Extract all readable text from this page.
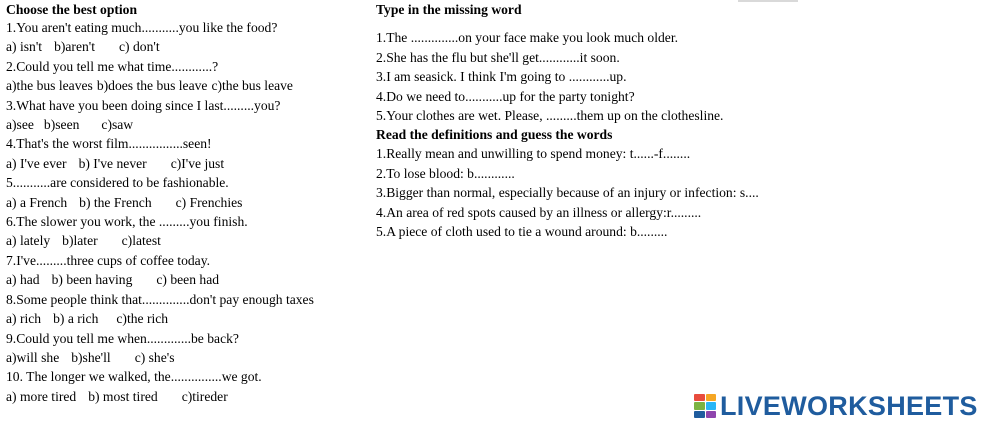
Choose the best option
1.You aren't eating much...........you like the food?
a) isn't b)aren't c) don't
2.Could you tell me what time............?
a)the bus leaves b)does the bus leave c)the bus leave
3.What have you been doing since I last.........you?
a)see b)seen c)saw
4.That's the worst film................seen!
a) I've ever b) I've never c)I've just
5...........are considered to be fashionable.
a) a French b) the French c) Frenchies
6.The slower you work, the .........you finish.
a) lately b)later c)latest
7.I've.........three cups of coffee today.
a) had b) been having c) been had
8.Some people think that..............don't pay enough taxes
a) rich b) a rich c)the rich
9.Could you tell me when.............be back?
a)will she b)she'll c) she's
10. The longer we walked, the...............we got.
a) more tired b) most tired c)tireder
Type in the missing word
1.The ..............on your face make you look much older.
2.She has the flu but she'll get............it soon.
3.I am seasick. I think I'm going to ............up.
4.Do we need to...........up for the party tonight?
5.Your clothes are wet. Please, .........them up on the clothesline.
Read the definitions and guess the words
1.Really mean and unwilling to spend money: t......-f........
2.To lose blood: b............
3.Bigger than normal, especially because of an injury or infection: s....
4.An area of red spots caused by an illness or allergy:r.........
5.A piece of cloth used to tie a wound around: b.........
LIVEWORKSHEETS
